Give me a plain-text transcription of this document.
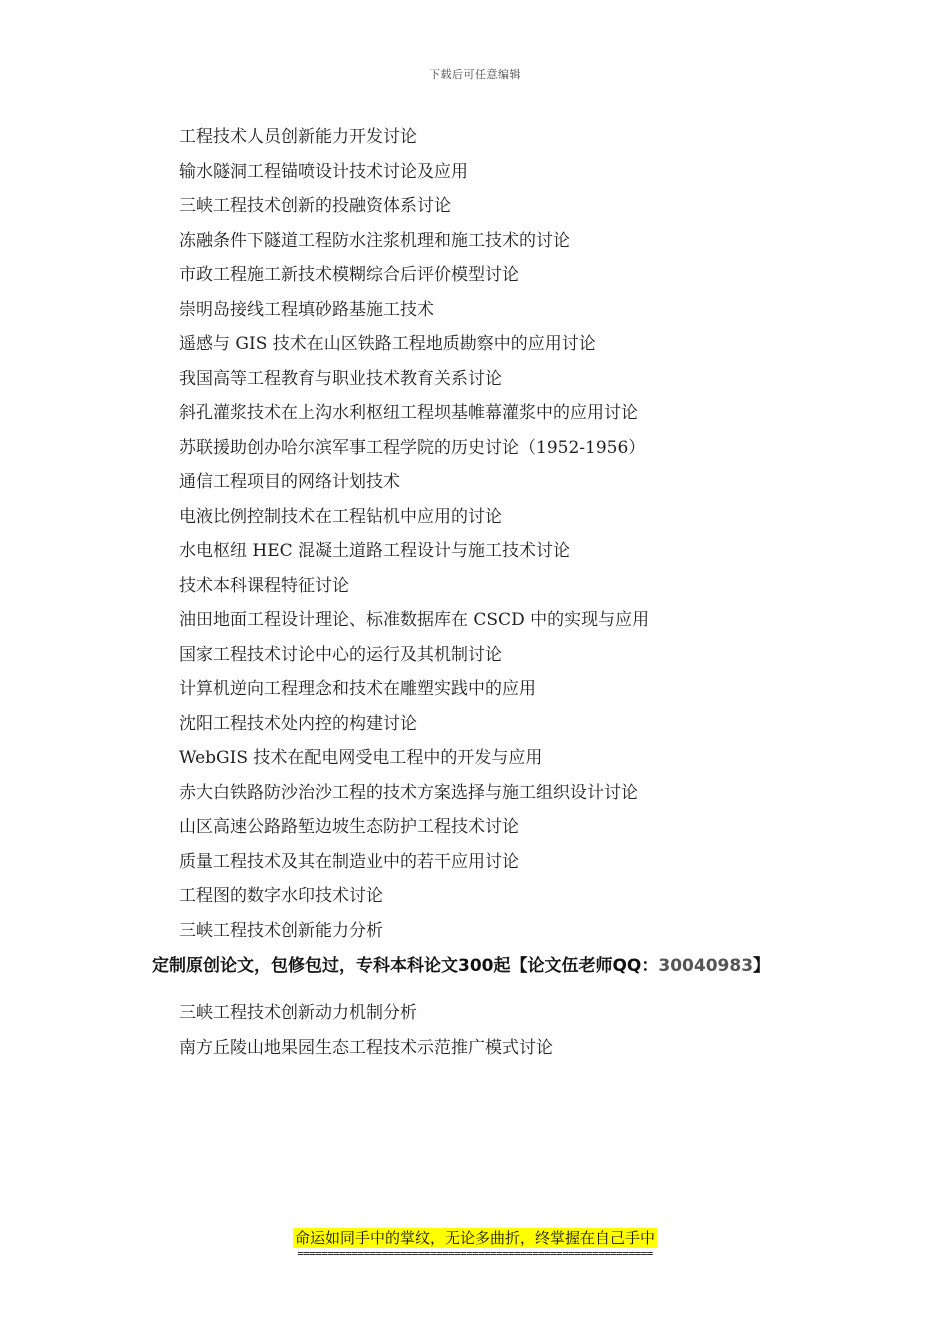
下载后可任意编辑
工程技术人员创新能力开发讨论
输水隧洞工程锚喷设计技术讨论及应用
三峡工程技术创新的投融资体系讨论
冻融条件下隧道工程防水注浆机理和施工技术的讨论
市政工程施工新技术模糊综合后评价模型讨论
崇明岛接线工程填砂路基施工技术
遥感与 GIS 技术在山区铁路工程地质勘察中的应用讨论
我国高等工程教育与职业技术教育关系讨论
斜孔灌浆技术在上沟水利枢纽工程坝基帷幕灌浆中的应用讨论
苏联援助创办哈尔滨军事工程学院的历史讨论（1952-1956）
通信工程项目的网络计划技术
电液比例控制技术在工程钻机中应用的讨论
水电枢纽 HEC 混凝土道路工程设计与施工技术讨论
技术本科课程特征讨论
油田地面工程设计理论、标准数据库在 CSCD 中的实现与应用
国家工程技术讨论中心的运行及其机制讨论
计算机逆向工程理念和技术在雕塑实践中的应用
沈阳工程技术处内控的构建讨论
WebGIS 技术在配电网受电工程中的开发与应用
赤大白铁路防沙治沙工程的技术方案选择与施工组织设计讨论
山区高速公路路堑边坡生态防护工程技术讨论
质量工程技术及其在制造业中的若干应用讨论
工程图的数字水印技术讨论
三峡工程技术创新能力分析
定制原创论文，包修包过，专科本科论文300起【论文伍老师QQ：30040983】
三峡工程技术创新动力机制分析
南方丘陵山地果园生态工程技术示范推广模式讨论
命运如同手中的掌纹，无论多曲折，终掌握在自己手中
===========================================================
